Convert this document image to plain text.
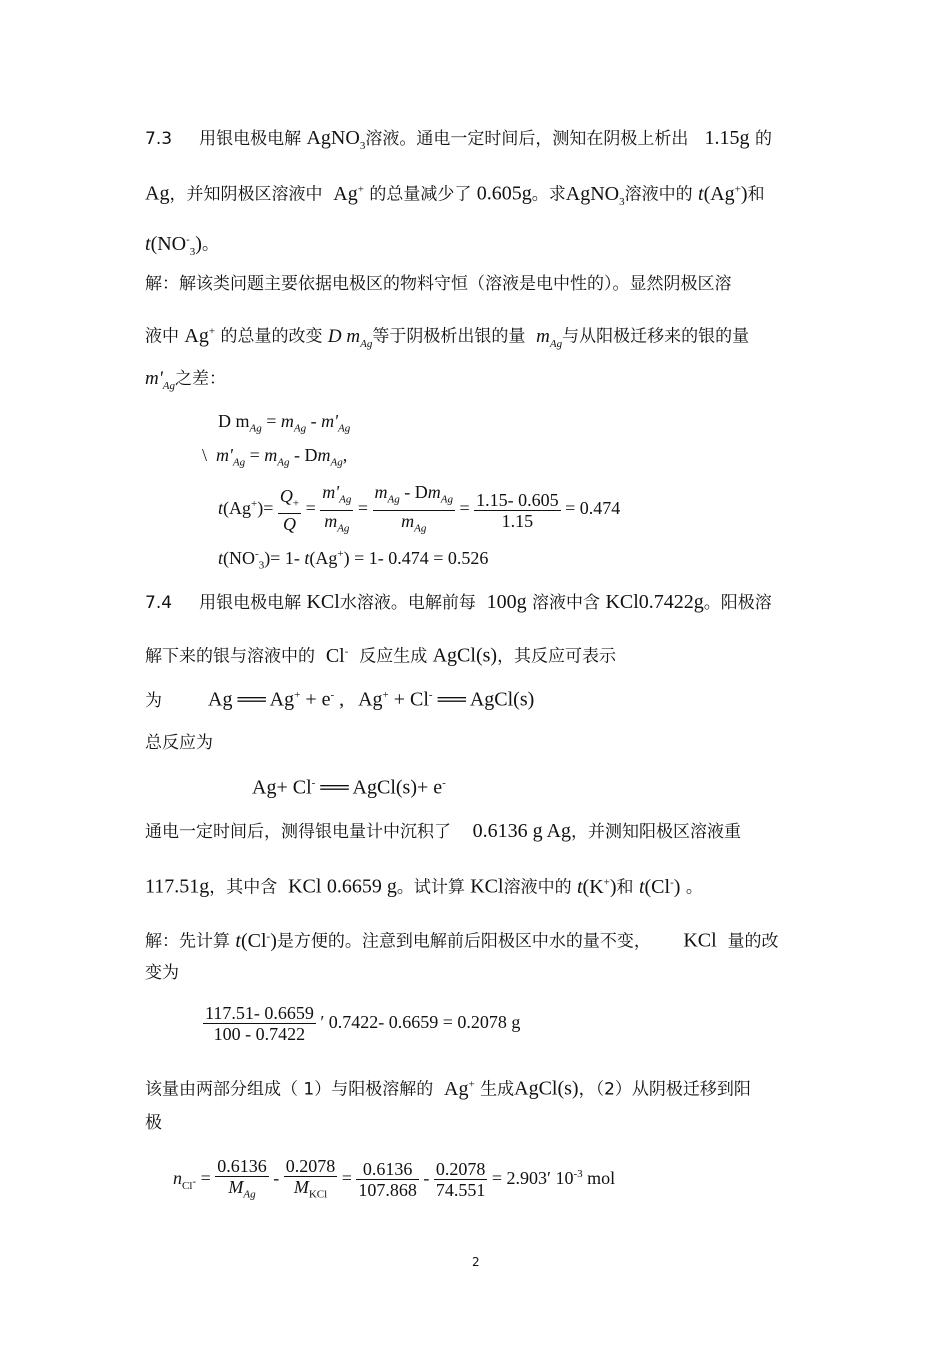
7.3 用银电极电解 AgNO$_3$溶液。通电一定时间后，测知在阴极上析出 1.15g 的
Ag，并知阴极区溶液中 Ag+ 的总量减少了 0.605g。求AgNO$_3$溶液中的 t(Ag+)和
$t(NO^-_3)$。
解：解该类问题主要依据电极区的物料守恒（溶液是电中性的）。显然阴极区溶
液中 Ag+ 的总量的改变 D $m_{Ag}$等于阴极析出银的量 $m_{Ag}$与从阳极迁移来的银的量
$m'_{Ag}$之差：
D $m_{Ag} = m_{Ag} - m'_{Ag}$
\  $m'_{Ag} = m_{Ag} - Dm_{Ag}$,
$t(Ag^+)= \frac{Q_+}{Q} = \frac{m'_{Ag}}{m_{Ag}} = \frac{m_{Ag} - Dm_{Ag}}{m_{Ag}} = \frac{1.15- 0.605}{1.15} = 0.474$
$t(NO^-_3)= 1-$ t(Ag+) = 1- 0.474 = 0.526
7.4 用银电极电解 KCl水溶液。电解前每 100g 溶液中含 KCl0.7422g。阳极溶
解下来的银与溶液中的 Cl- 反应生成 AgCl(s)，其反应可表示
为 Ag ══ Ag+ + e- ,   Ag+ + Cl- ══ AgCl(s)
总反应为
Ag+ Cl- ══ AgCl(s)+ e-
通电一定时间后，测得银电量计中沉积了 0.6136 g Ag，并测知阳极区溶液重
117.51g，其中含 KCl 0.6659 g。试计算 KCl溶液中的 t(K+)和 t(Cl-) 。
解：先计算 t(Cl-)是方便的。注意到电解前后阳极区中水的量不变， KCl 量的改
变为
$\frac{117.51- 0.6659}{100 - 0.7422}$ ′ 0.7422- 0.6659 = 0.2078 g
该量由两部分组成（ 1）与阳极溶解的 Ag+ 生成AgCl(s)，（2）从阴极迁移到阳
极
$n_{Cl^-} = \frac{0.6136}{M_{Ag}} - \frac{0.2078}{M_{KCl}} = \frac{0.6136}{107.868} - \frac{0.2078}{74.551} = 2.903'$ $10^{-3}$ mol
2
